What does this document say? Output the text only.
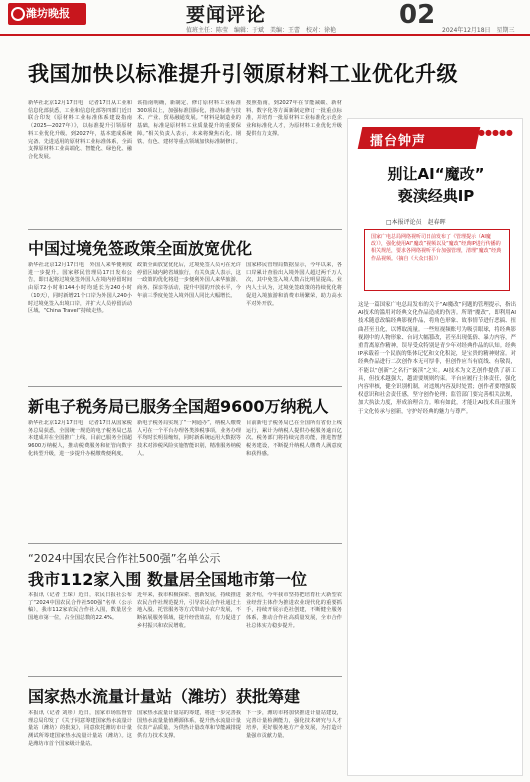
潍坊晚报	要闻评论
值班主任：陈莹　编辑：于斌　美编：王蕾　校对：徐艳
02
2024年12月18日　星期三
我国加快以标准提升引领原材料工业优化升级
新华社北京12月17日电　记者17日从工业和信息化部获悉，工业和信息化部等四部门近日联合印发《原材料工业标准体系建设指南（2025—2027年）》，以标准提升引领原材料工业优化升级。到2027年，基本建成系统完备、先进适用的原材料工业标准体系，全面支撑原材料工业高端化、智能化、绿色化、融合化发展。
该指南明确，新制定、修订原材料工业标准300项以上，加强标准国际化，推动标准与技术、产业、贸易融通发展。“材料是制造业的基础，标准是原材料工业质量提升的重要保障。”相关负责人表示，未来将聚焦石化、钢铁、有色、建材等重点领域加快标准制修订。
按照指南，到2027年在节能减碳、新材料、数字化等方面新制定修订一批重点标准，并培育一批原材料工业标准化示范企业和标准化人才，为原材料工业优化升级提供有力支撑。
中国过境免签政策全面放宽优化
新华社北京12月17日电　外国人来华便利度进一步提升。国家移民管理局17日发布公告，即日起将过境免签外国人在境内停留时间由原72小时和144小时均延长为240小时（10天），同时新增21个口岸为外国人240小时过境免签入出境口岸，并扩大人员停留活动区域。“China Travel”持续走热。
政策全面放宽优化后，过境免签人员可在允许停留区域内跨省域旅行，有关负责人表示，这一政策的优化将进一步便利外国人来华旅游、商务、探亲等活动，提升中国的开放水平，今年前三季度免签入境外国人同比大幅增长。
国家移民管理局数据显示，今年以来，各口岸累计查验出入境外国人超过两千万人次，其中免签入境人数占比明显提高。业内人士认为，过境免签政策的持续优化将促进入境旅游和消费市场繁荣，助力高水平对外开放。
新电子税务局已服务全国超9600万纳税人
新华社北京12月17日电　记者17日从国家税务总局获悉，全国统一规范的电子税务局已基本建成并在全国推广上线，目前已服务全国超9600万纳税人，推动税费服务和征管向数字化转型升级，进一步提升办税缴费便利度。
新电子税务局实现了“一网通办”，纳税人缴费人可在一个平台办理各类涉税事项，业务办理平均时长明显缩短，同时新系统运用大数据等技术对涉税风险实施智能识别，精准服务纳税人。
目前新电子税务局已在全国所有省份上线运行，累计为纳税人提供办税服务逾百亿次。税务部门将持续完善功能，推进智慧税务建设，不断提升纳税人缴费人满意度和获得感。
“2024中国农民合作社500强”名单公示
我市112家入围 数量居全国地市第一位
本报讯（记者 王琛）近日，农民日报社公布了“2024中国农民合作社500强”名单（公示稿），我市112家农民合作社入围，数量居全国地市第一位，占全国总数的22.4%。
近年来，我市积极探索、创新发展，持续推进农民合作社规范提升，引导农民合作社通过土地入股、托管服务等方式带动小农户发展，不断拓展服务领域，提升经营效益，有力促进了乡村振兴和农民增收。
据介绍，今年我市坚持把培育壮大新型农业经营主体作为推进农业现代化的重要抓手，持续开展示范社创建，不断健全服务体系，推动合作社高质量发展，全市合作社总体实力稳步提升。
国家热水流量计量站（潍坊）获批筹建
本报讯（记者 刘彤）近日，国家市场监督管理总局印发了《关于同意筹建国家热水流量计量站（潍坊）的批复》，同意依托潍坊市计量测试所筹建国家热水流量计量站（潍坊）。这是潍坊市首个国家级计量站。
国家热水流量计量站的筹建，将进一步完善我国热水流量量值溯源体系，提升热水流量计量仪表产品质量，为供热计量改革和节能减排提供有力技术支撑。
下一步，潍坊市将加快推进计量站建设，完善计量检测能力，强化技术研究与人才培养，更好服务地方产业发展，为打造计量强市贡献力量。
擂台钟声
●●●●●
别让AI“魔改”
亵渎经典IP
□本报评论员　赵春晖
国家广电总局网络视听司日前发布了《管理提示（AI魔改）》，强化使用AI“魔改”视频以及“魔改”经典IP进行传播的相关规范，要求各网络视听平台加强管理，清理“魔改”经典作品视频。（摘自《大众日报》）
这是一篇国家广电总局发布的关于“AI魔改”问题的管理提示，指出AI技术的滥用对经典文化作品造成的伤害。所谓“魔改”，即利用AI技术随意改编经典影视作品，将角色形象、故事情节进行恶搞、扭曲甚至丑化，以博取流量。一些短视频账号为吸引眼球，将经典影视剧中的人物形象、台词大幅篡改，甚至出现低俗、暴力内容，严重背离原作精神，误导受众特别是青少年对经典作品的认知。经典IP承载着一个民族的集体记忆和文化积淀，是宝贵的精神财富。对经典作品进行二次创作本无可厚非，但创作应当有底线、有敬畏，不能以“创新”之名行“亵渎”之实。AI技术为文艺创作提供了新工具，但技术越强大，越需要规则约束。平台应履行主体责任，强化内容审核，健全识别机制，对违规内容及时处置；创作者要增强版权意识和社会责任感，坚守创作伦理；监管部门要完善相关法规，加大执法力度，形成治理合力。唯有如此，才能让AI技术真正服务于文化传承与创新，守护好经典的魅力与尊严。
